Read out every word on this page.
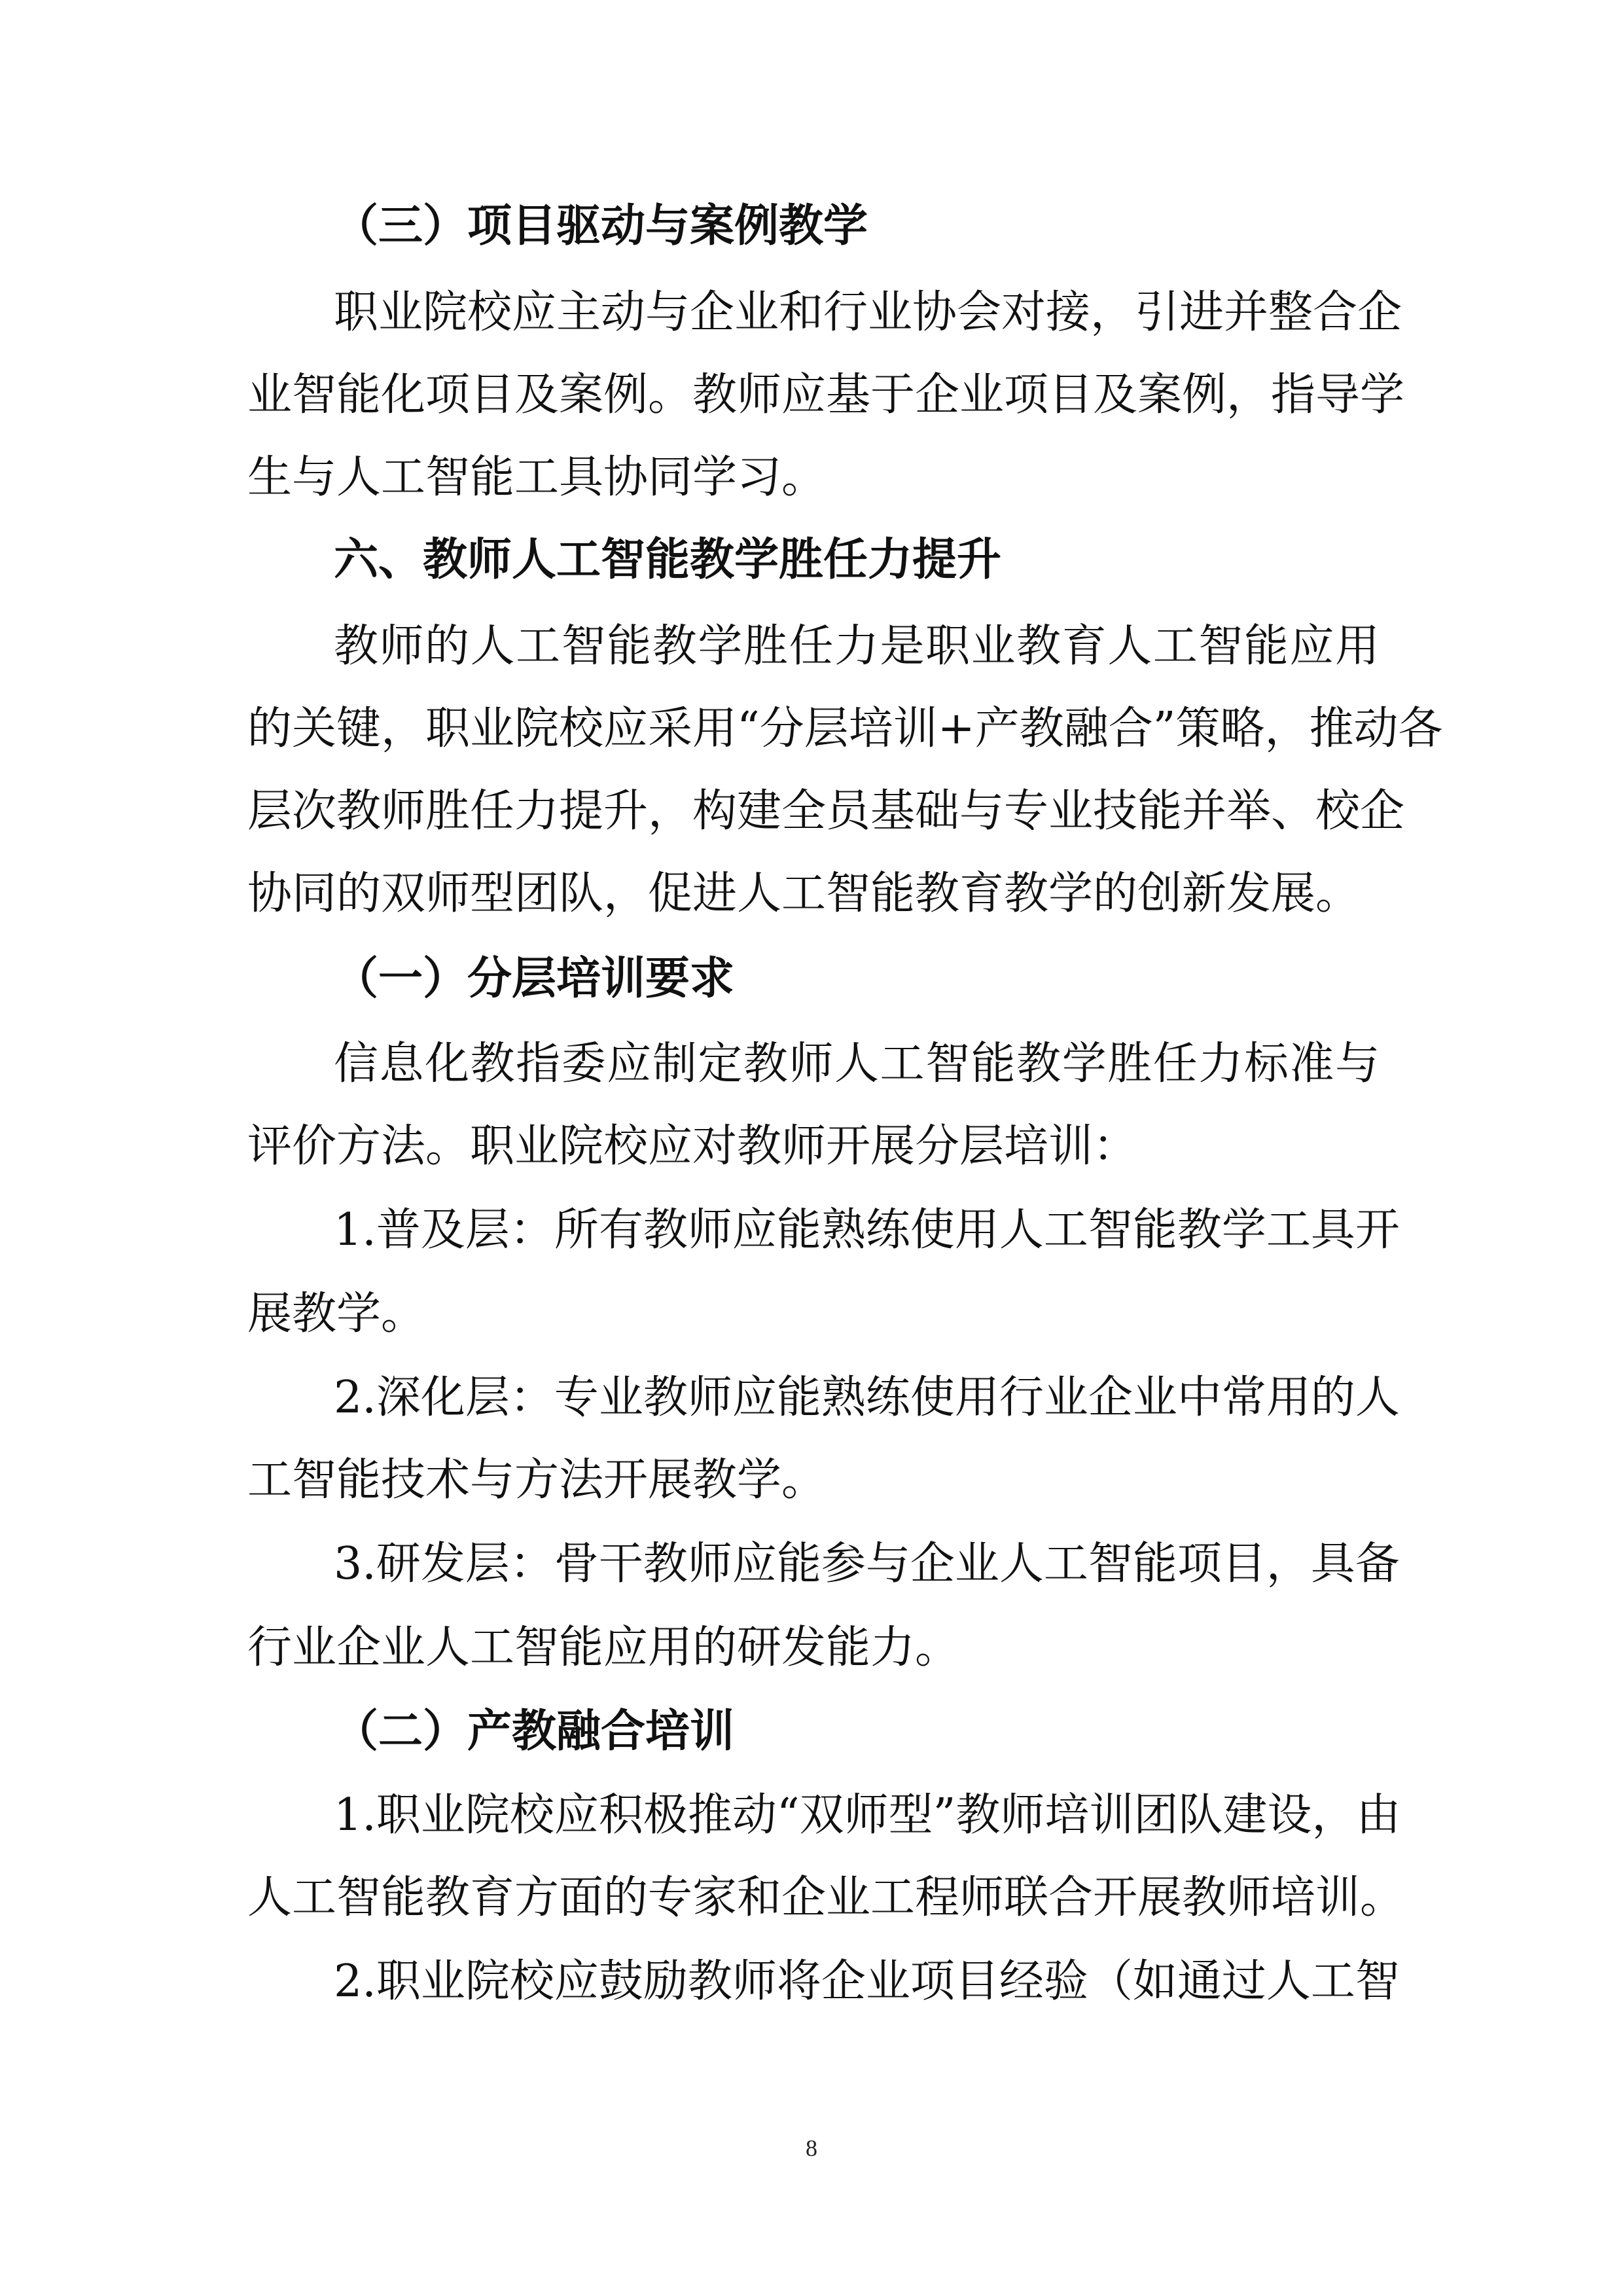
（三）项目驱动与案例教学
职业院校应主动与企业和行业协会对接，引进并整合企
业智能化项目及案例。教师应基于企业项目及案例，指导学
生与人工智能工具协同学习。
六、教师人工智能教学胜任力提升
教师的人工智能教学胜任力是职业教育人工智能应用
的关键，职业院校应采用“分层培训+产教融合”策略，推动各
层次教师胜任力提升，构建全员基础与专业技能并举、校企
协同的双师型团队，促进人工智能教育教学的创新发展。
（一）分层培训要求
信息化教指委应制定教师人工智能教学胜任力标准与
评价方法。职业院校应对教师开展分层培训：
1.普及层：所有教师应能熟练使用人工智能教学工具开
展教学。
2.深化层：专业教师应能熟练使用行业企业中常用的人
工智能技术与方法开展教学。
3.研发层：骨干教师应能参与企业人工智能项目，具备
行业企业人工智能应用的研发能力。
（二）产教融合培训
1.职业院校应积极推动“双师型”教师培训团队建设，由
人工智能教育方面的专家和企业工程师联合开展教师培训。
2.职业院校应鼓励教师将企业项目经验（如通过人工智
8
